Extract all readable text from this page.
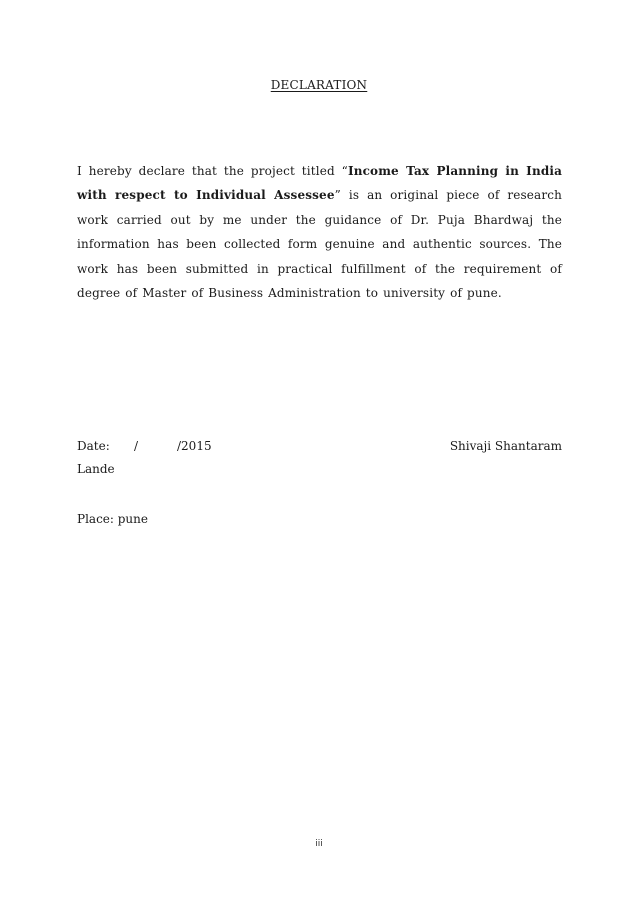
DECLARATION
I hereby declare that the project titled “Income Tax Planning in India with respect to Individual Assessee” is an original piece of research work carried out by me under the guidance of Dr. Puja Bhardwaj the information has been collected form genuine and authentic sources. The work has been submitted in practical fulfillment of the requirement of degree of Master of Business Administration to university of pune.
Date: /	/2015	Shivaji Shantaram
Lande
Place: pune
iii
